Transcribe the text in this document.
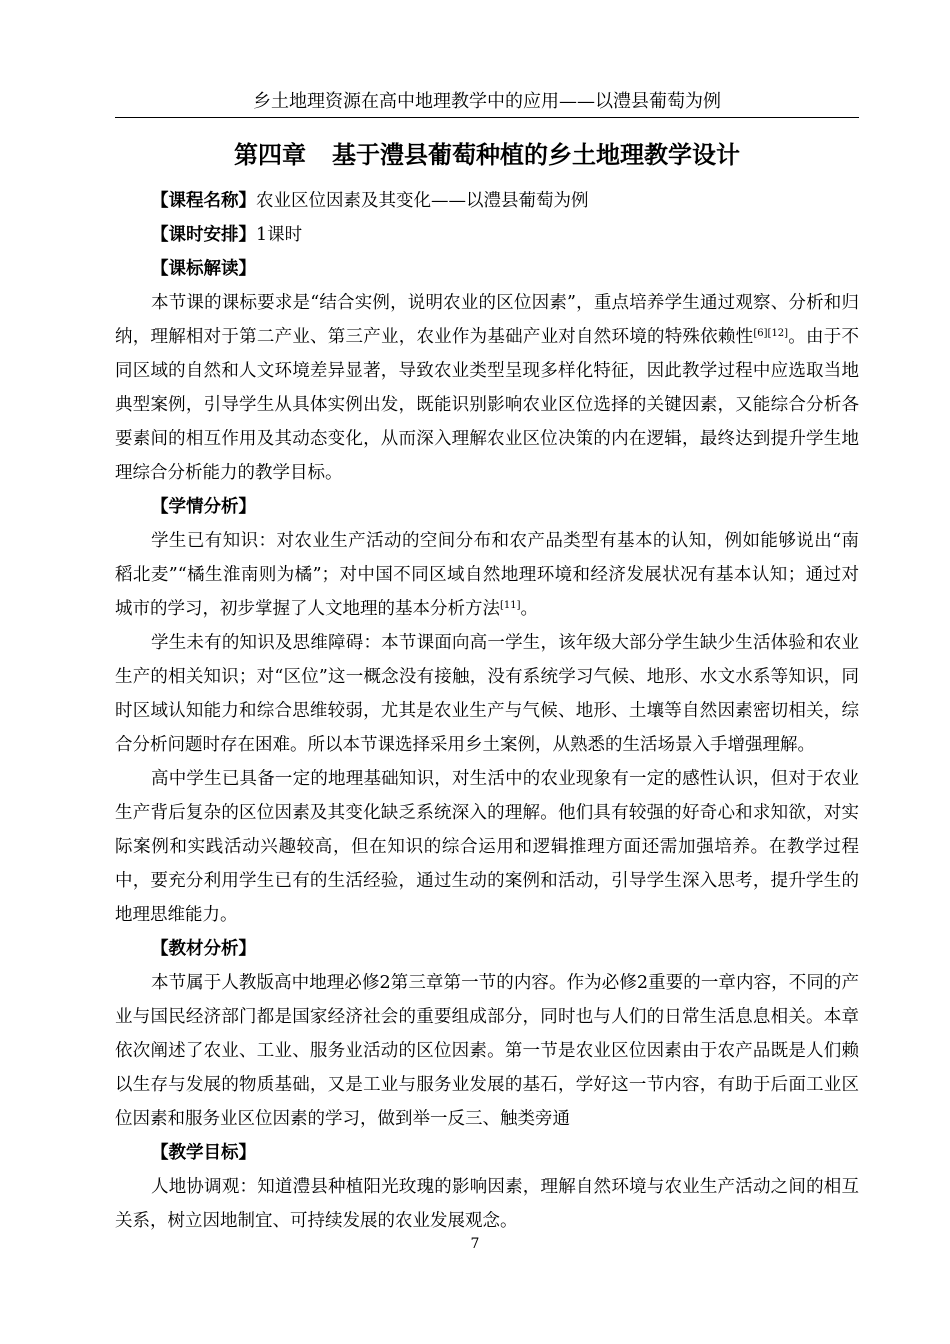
乡土地理资源在高中地理教学中的应用——以澧县葡萄为例
第四章 基于澧县葡萄种植的乡土地理教学设计
【课程名称】农业区位因素及其变化——以澧县葡萄为例
【课时安排】1课时
【课标解读】

本节课的课标要求是“结合实例，说明农业的区位因素”，重点培养学生通过观察、分析和归纳，理解相对于第二产业、第三产业，农业作为基础产业对自然环境的特殊依赖性[6][12]。由于不同区域的自然和人文环境差异显著，导致农业类型呈现多样化特征，因此教学过程中应选取当地典型案例，引导学生从具体实例出发，既能识别影响农业区位选择的关键因素，又能综合分析各要素间的相互作用及其动态变化，从而深入理解农业区位决策的内在逻辑，最终达到提升学生地理综合分析能力的教学目标。

【学情分析】

学生已有知识：对农业生产活动的空间分布和农产品类型有基本的认知，例如能够说出“南稻北麦”“橘生淮南则为橘”；对中国不同区域自然地理环境和经济发展状况有基本认知；通过对城市的学习，初步掌握了人文地理的基本分析方法[11]。

学生未有的知识及思维障碍：本节课面向高一学生，该年级大部分学生缺少生活体验和农业生产的相关知识；对“区位”这一概念没有接触，没有系统学习气候、地形、水文水系等知识，同时区域认知能力和综合思维较弱，尤其是农业生产与气候、地形、土壤等自然因素密切相关，综合分析问题时存在困难。所以本节课选择采用乡土案例，从熟悉的生活场景入手增强理解。

高中学生已具备一定的地理基础知识，对生活中的农业现象有一定的感性认识，但对于农业生产背后复杂的区位因素及其变化缺乏系统深入的理解。他们具有较强的好奇心和求知欲，对实际案例和实践活动兴趣较高，但在知识的综合运用和逻辑推理方面还需加强培养。在教学过程中，要充分利用学生已有的生活经验，通过生动的案例和活动，引导学生深入思考，提升学生的地理思维能力。

【教材分析】

本节属于人教版高中地理必修2第三章第一节的内容。作为必修2重要的一章内容，不同的产业与国民经济部门都是国家经济社会的重要组成部分，同时也与人们的日常生活息息相关。本章依次阐述了农业、工业、服务业活动的区位因素。第一节是农业区位因素由于农产品既是人们赖以生存与发展的物质基础，又是工业与服务业发展的基石，学好这一节内容，有助于后面工业区位因素和服务业区位因素的学习，做到举一反三、触类旁通

【教学目标】

人地协调观：知道澧县种植阳光玫瑰的影响因素，理解自然环境与农业生产活动之间的相互关系，树立因地制宜、可持续发展的农业发展观念。

7
